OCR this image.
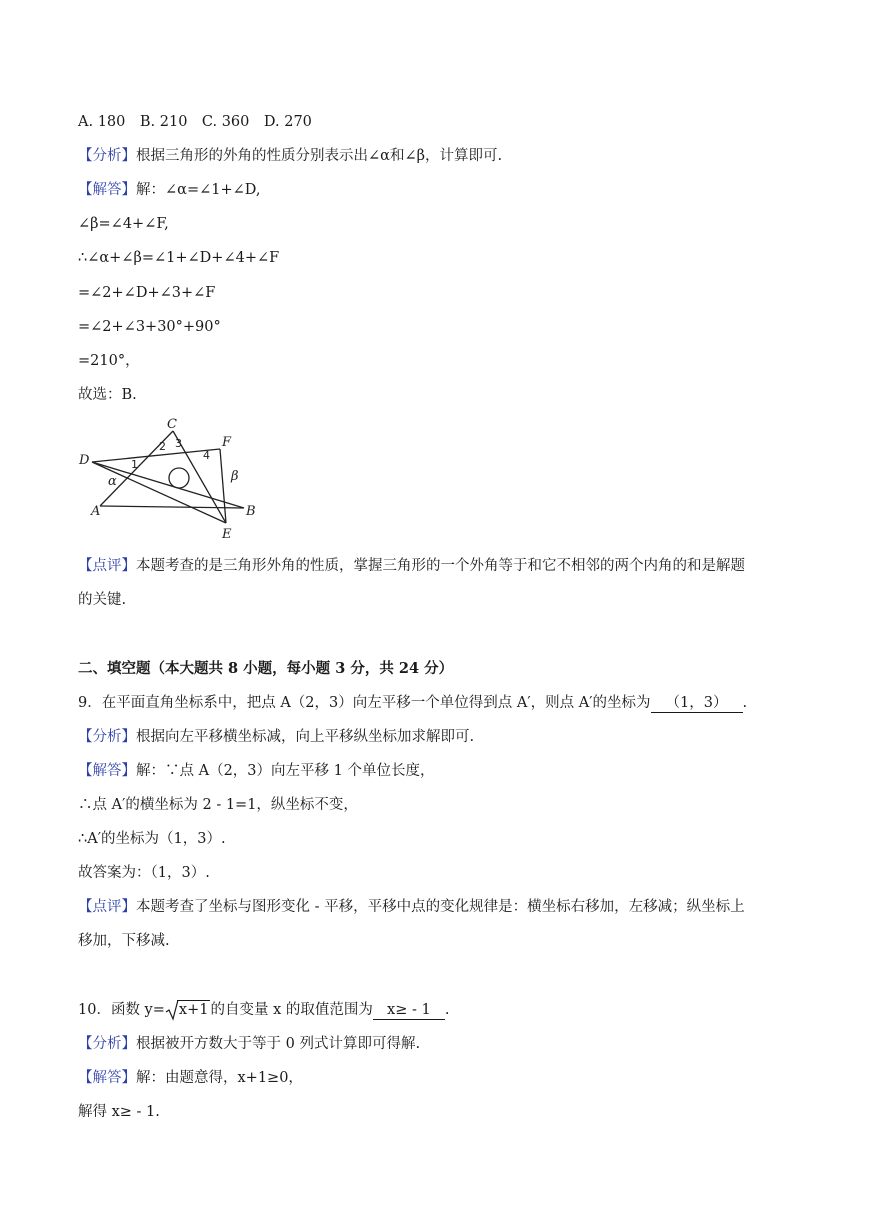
A. 180　B. 210　C. 360　D. 270
【分析】根据三角形的外角的性质分别表示出∠α和∠β，计算即可.
【解答】解：∠α=∠1+∠D,
∠β=∠4+∠F,
∴∠α+∠β=∠1+∠D+∠4+∠F
=∠2+∠D+∠3+∠F
=∠2+∠3+30°+90°
=210°，
故选：B.
C
D
F
A	B
E
α	β
1
2 3
4
【点评】本题考查的是三角形外角的性质，掌握三角形的一个外角等于和它不相邻的两个内角的和是解题
的关键.
二、填空题（本大题共 8 小题，每小题 3 分，共 24 分）
9．在平面直角坐标系中，把点 A（2，3）向左平移一个单位得到点 A′，则点 A′的坐标为 （1，3） .
【分析】根据向左平移横坐标减，向上平移纵坐标加求解即可.
【解答】解：∵点 A（2，3）向左平移 1 个单位长度，
∴点 A′的横坐标为 2 - 1=1，纵坐标不变，
∴A′的坐标为（1，3）.
故答案为：（1，3）.
【点评】本题考查了坐标与图形变化 - 平移，平移中点的变化规律是：横坐标右移加，左移减；纵坐标上
移加，下移减.
10．函数 y= x+1 的自变量 x 的取值范围为 x≥ - 1 .
【分析】根据被开方数大于等于 0 列式计算即可得解.
【解答】解：由题意得，x+1≥0，
解得 x≥ - 1.
